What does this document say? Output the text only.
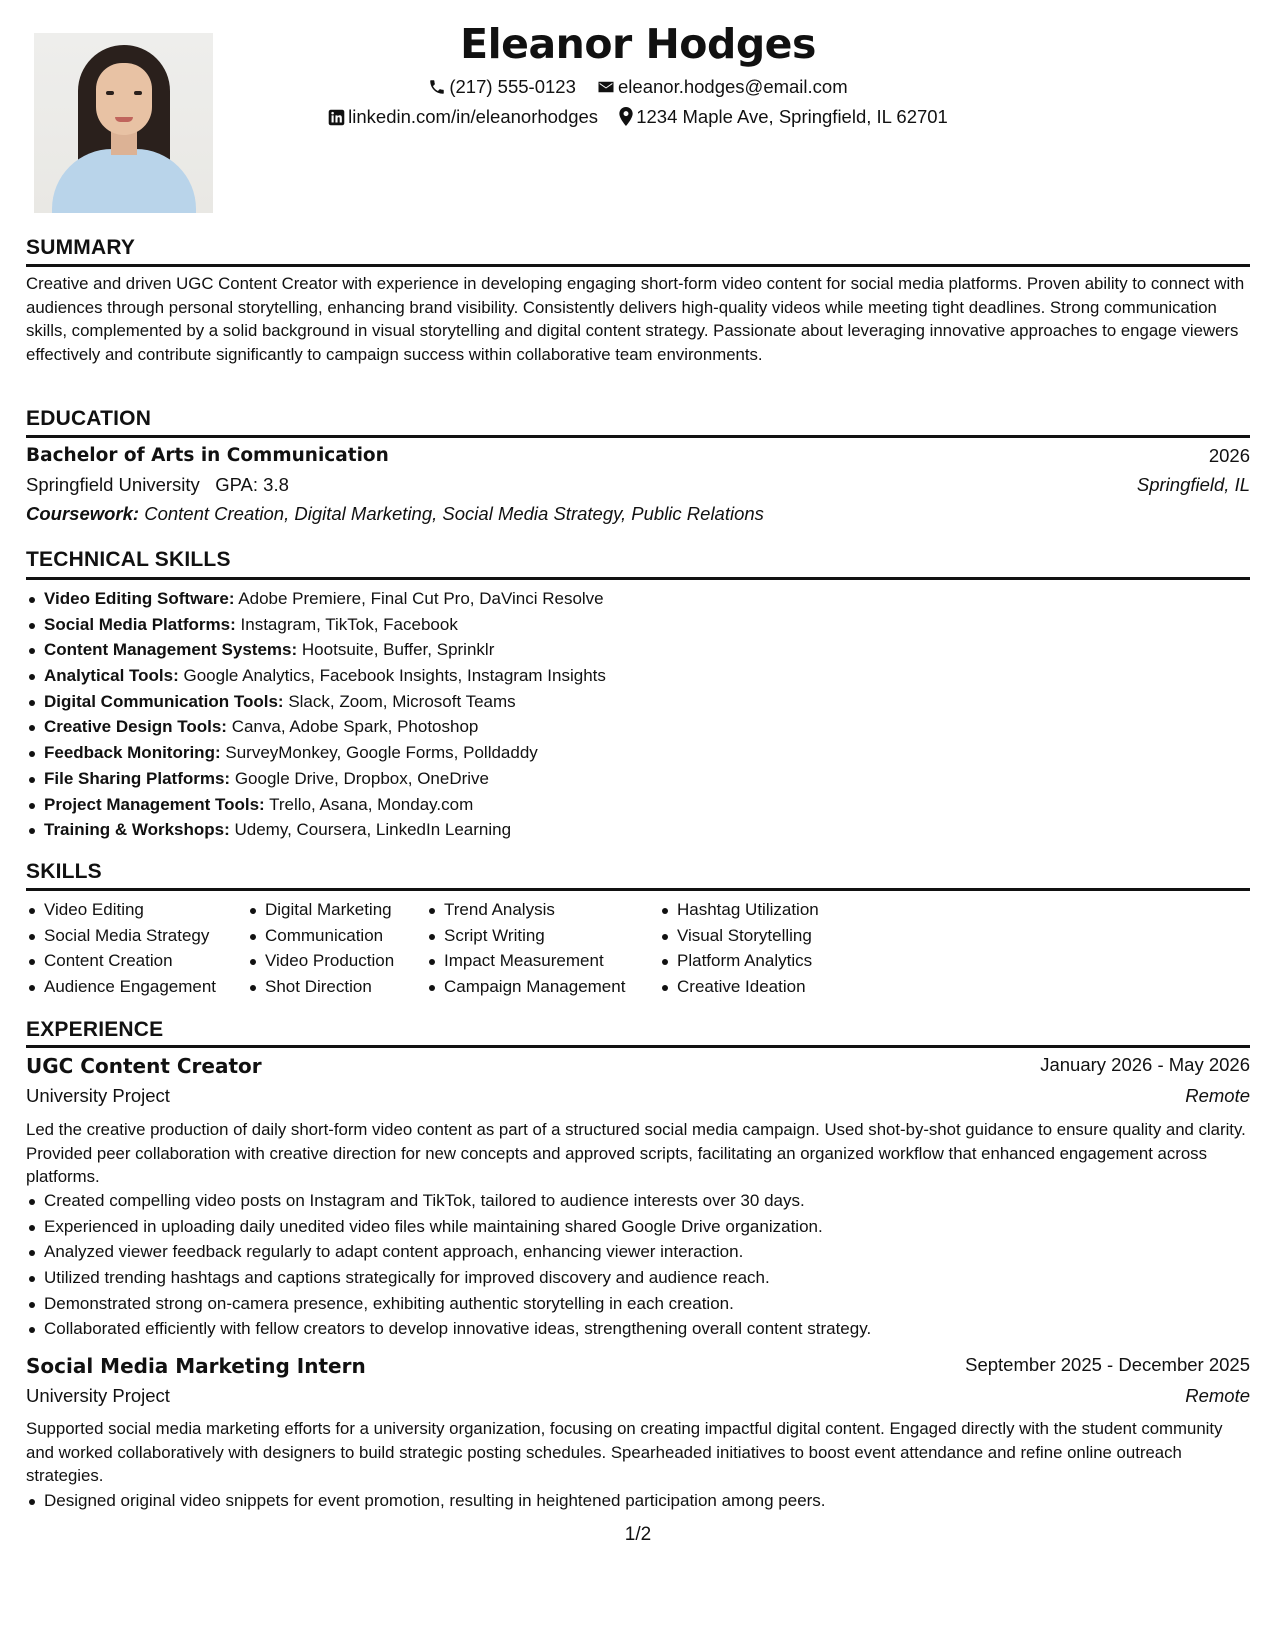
Eleanor Hodges
(217) 555-0123 eleanor.hodges@email.com
linkedin.com/in/eleanorhodges 1234 Maple Ave, Springfield, IL 62701
SUMMARY
Creative and driven UGC Content Creator with experience in developing engaging short-form video content for social media platforms. Proven ability to connect with audiences through personal storytelling, enhancing brand visibility. Consistently delivers high-quality videos while meeting tight deadlines. Strong communication skills, complemented by a solid background in visual storytelling and digital content strategy. Passionate about leveraging innovative approaches to engage viewers effectively and contribute significantly to campaign success within collaborative team environments.
EDUCATION
Bachelor of Arts in Communication	2026
Springfield University GPA: 3.8	Springfield, IL
Coursework: Content Creation, Digital Marketing, Social Media Strategy, Public Relations
TECHNICAL SKILLS
Video Editing Software: Adobe Premiere, Final Cut Pro, DaVinci Resolve
Social Media Platforms: Instagram, TikTok, Facebook
Content Management Systems: Hootsuite, Buffer, Sprinklr
Analytical Tools: Google Analytics, Facebook Insights, Instagram Insights
Digital Communication Tools: Slack, Zoom, Microsoft Teams
Creative Design Tools: Canva, Adobe Spark, Photoshop
Feedback Monitoring: SurveyMonkey, Google Forms, Polldaddy
File Sharing Platforms: Google Drive, Dropbox, OneDrive
Project Management Tools: Trello, Asana, Monday.com
Training & Workshops: Udemy, Coursera, LinkedIn Learning
SKILLS
Video Editing
Social Media Strategy
Content Creation
Audience Engagement
Digital Marketing
Communication
Video Production
Shot Direction
Trend Analysis
Script Writing
Impact Measurement
Campaign Management
Hashtag Utilization
Visual Storytelling
Platform Analytics
Creative Ideation
EXPERIENCE
UGC Content Creator	January 2026 - May 2026
University Project	Remote
Led the creative production of daily short-form video content as part of a structured social media campaign. Used shot-by-shot guidance to ensure quality and clarity. Provided peer collaboration with creative direction for new concepts and approved scripts, facilitating an organized workflow that enhanced engagement across platforms.
Created compelling video posts on Instagram and TikTok, tailored to audience interests over 30 days.
Experienced in uploading daily unedited video files while maintaining shared Google Drive organization.
Analyzed viewer feedback regularly to adapt content approach, enhancing viewer interaction.
Utilized trending hashtags and captions strategically for improved discovery and audience reach.
Demonstrated strong on-camera presence, exhibiting authentic storytelling in each creation.
Collaborated efficiently with fellow creators to develop innovative ideas, strengthening overall content strategy.
Social Media Marketing Intern	September 2025 - December 2025
University Project	Remote
Supported social media marketing efforts for a university organization, focusing on creating impactful digital content. Engaged directly with the student community and worked collaboratively with designers to build strategic posting schedules. Spearheaded initiatives to boost event attendance and refine online outreach strategies.
Designed original video snippets for event promotion, resulting in heightened participation among peers.
1/2
